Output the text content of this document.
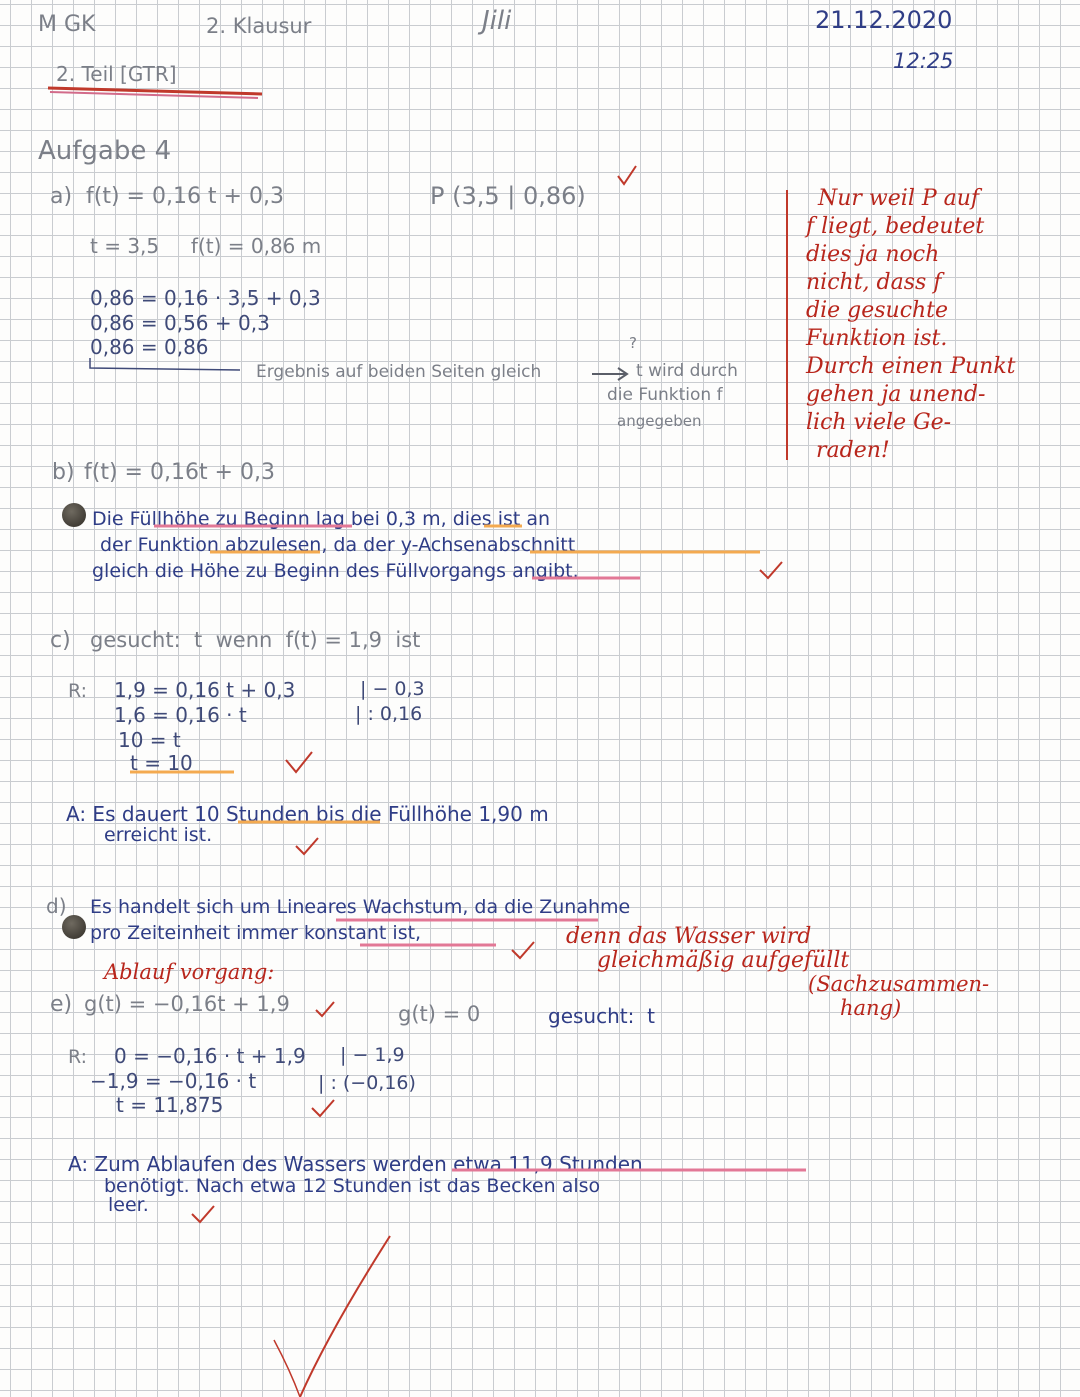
M GK	2. Klausur	Jili	21.12.2020

12:25

2. Teil [GTR]

Aufgabe 4

a) f(t) = 0,16 t + 0,3	P (3,5 | 0,86)

t = 3,5     f(t) = 0,86 m

0,86 = 0,16 · 3,5 + 0,3

0,86 = 0,56 + 0,3

0,86 = 0,86

Ergebnis auf beiden Seiten gleich

?

t wird durch

die Funktion f

angegeben

Nur weil P auf

f liegt, bedeutet

dies ja noch

nicht, dass f

die gesuchte

Funktion ist.

Durch einen Punkt

gehen ja unend-

lich viele Ge-

raden!

b) f(t) = 0,16t + 0,3

Die Füllhöhe zu Beginn lag bei 0,3 m, dies ist an

der Funktion abzulesen, da der y-Achsenabschnitt

gleich die Höhe zu Beginn des Füllvorgangs angibt.

c) gesucht:  t  wenn  f(t) = 1,9  ist

R: 1,9 = 0,16 t + 0,3

1,6 = 0,16 · t

10 = t

t = 10

| − 0,3

| : 0,16

A: Es dauert 10 Stunden bis die Füllhöhe 1,90 m

erreicht ist.

d) Es handelt sich um Lineares Wachstum, da die Zunahme

pro Zeiteinheit immer konstant ist,	denn das Wasser wird

gleichmäßig aufgefüllt

(Sachzusammen-

hang)

Ablauf vorgang:

e) g(t) = −0,16t + 1,9	g(t) = 0	gesucht:  t

R: 0 = −0,16 · t + 1,9

−1,9 = −0,16 · t

t = 11,875

| − 1,9

| : (−0,16)

A: Zum Ablaufen des Wassers werden etwa 11,9 Stunden

benötigt. Nach etwa 12 Stunden ist das Becken also

leer.
